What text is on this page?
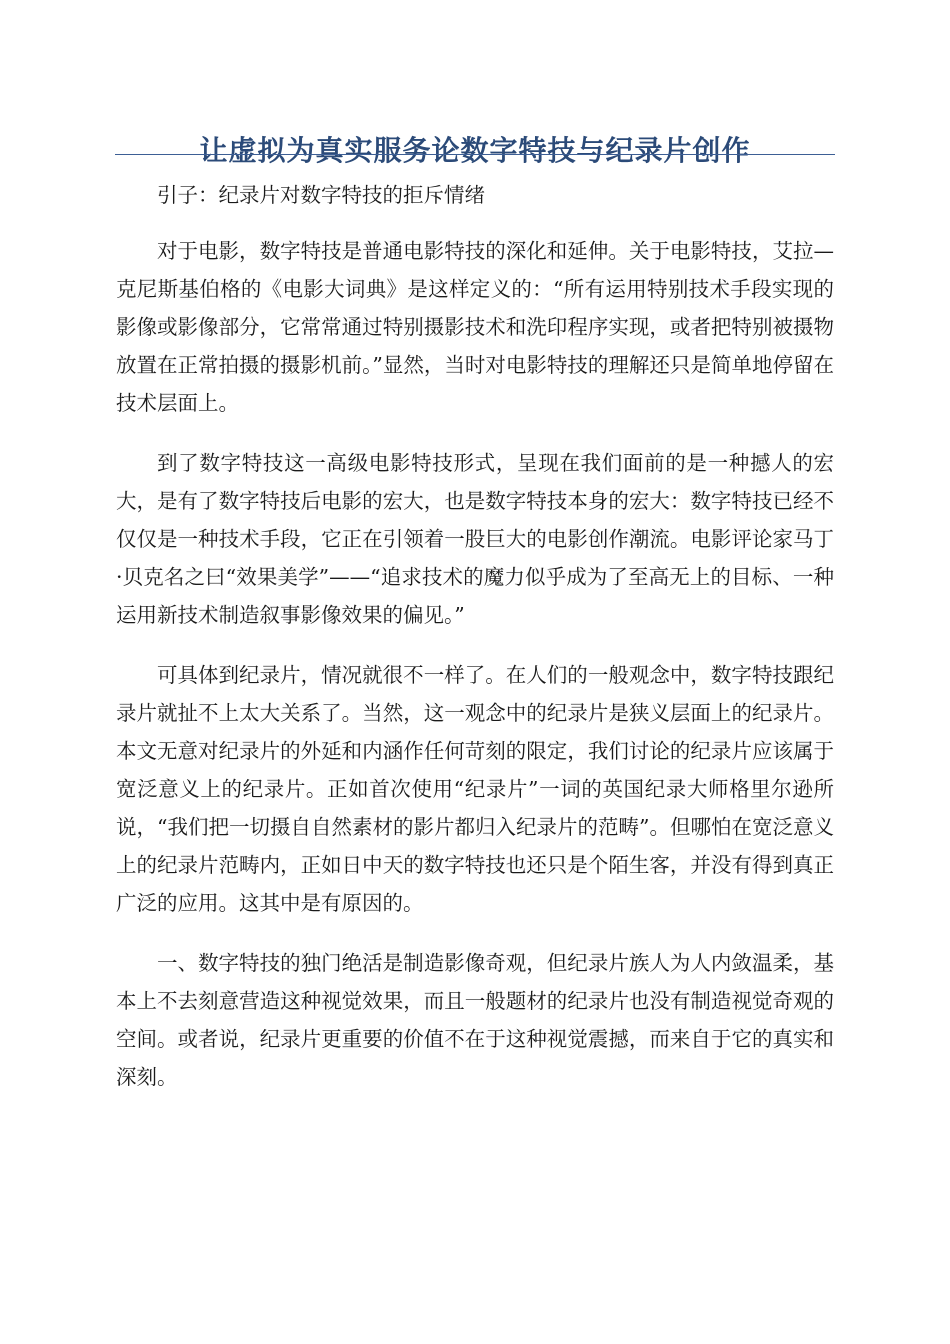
让虚拟为真实服务论数字特技与纪录片创作

引子：纪录片对数字特技的拒斥情绪

对于电影，数字特技是普通电影特技的深化和延伸。关于电影特技，艾拉—克尼斯基伯格的《电影大词典》是这样定义的：“所有运用特别技术手段实现的影像或影像部分，它常常通过特别摄影技术和洗印程序实现，或者把特别被摄物放置在正常拍摄的摄影机前。”显然，当时对电影特技的理解还只是简单地停留在技术层面上。

到了数字特技这一高级电影特技形式，呈现在我们面前的是一种撼人的宏大，是有了数字特技后电影的宏大，也是数字特技本身的宏大：数字特技已经不仅仅是一种技术手段，它正在引领着一股巨大的电影创作潮流。电影评论家马丁·贝克名之曰“效果美学”——“追求技术的魔力似乎成为了至高无上的目标、一种运用新技术制造叙事影像效果的偏见。”

可具体到纪录片，情况就很不一样了。在人们的一般观念中，数字特技跟纪录片就扯不上太大关系了。当然，这一观念中的纪录片是狭义层面上的纪录片。本文无意对纪录片的外延和内涵作任何苛刻的限定，我们讨论的纪录片应该属于宽泛意义上的纪录片。正如首次使用“纪录片”一词的英国纪录大师格里尔逊所说，“我们把一切摄自自然素材的影片都归入纪录片的范畴”。但哪怕在宽泛意义上的纪录片范畴内，正如日中天的数字特技也还只是个陌生客，并没有得到真正广泛的应用。这其中是有原因的。

一、数字特技的独门绝活是制造影像奇观，但纪录片族人为人内敛温柔，基本上不去刻意营造这种视觉效果，而且一般题材的纪录片也没有制造视觉奇观的空间。或者说，纪录片更重要的价值不在于这种视觉震撼，而来自于它的真实和深刻。
